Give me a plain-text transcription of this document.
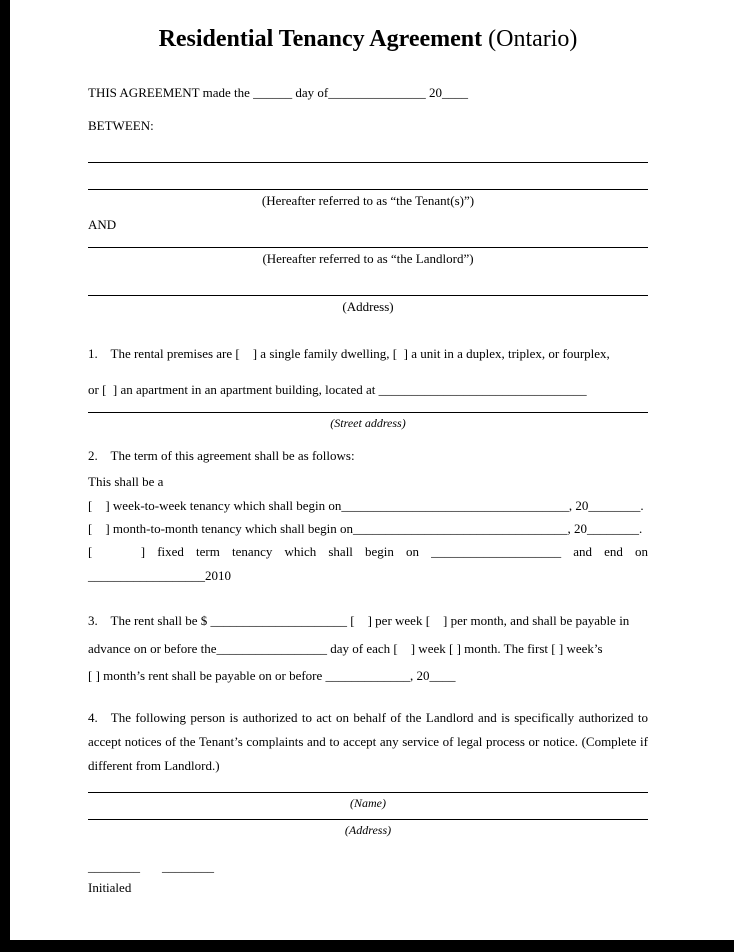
Residential Tenancy Agreement (Ontario)

THIS AGREEMENT made the ______ day of_______________ 20____

BETWEEN:

(Hereafter referred to as “the Tenant(s)”)

AND

(Hereafter referred to as “the Landlord”)

(Address)

1.    The rental premises are [    ] a single family dwelling, [  ] a unit in a duplex, triplex, or fourplex,

or [  ] an apartment in an apartment building, located at ________________________________

(Street address)

2.    The term of this agreement shall be as follows:

This shall be a

[    ] week-to-week tenancy which shall begin on___________________________________, 20________.

[    ] month-to-month tenancy which shall begin on_________________________________, 20________.

[    ] fixed term tenancy which shall begin on ____________________ and end on

__________________2010

3.    The rent shall be $ _____________________ [    ] per week [    ] per month, and shall be payable in

advance on or before the_________________ day of each [    ] week [ ] month. The first [ ] week’s

[ ] month’s rent shall be payable on or before _____________, 20____

4.   The following person is authorized to act on behalf of the Landlord and is specifically authorized to accept notices of the Tenant’s complaints and to accept any service of legal process or notice. (Complete if different from Landlord.)

(Name)

(Address)

________ ________

Initialed
